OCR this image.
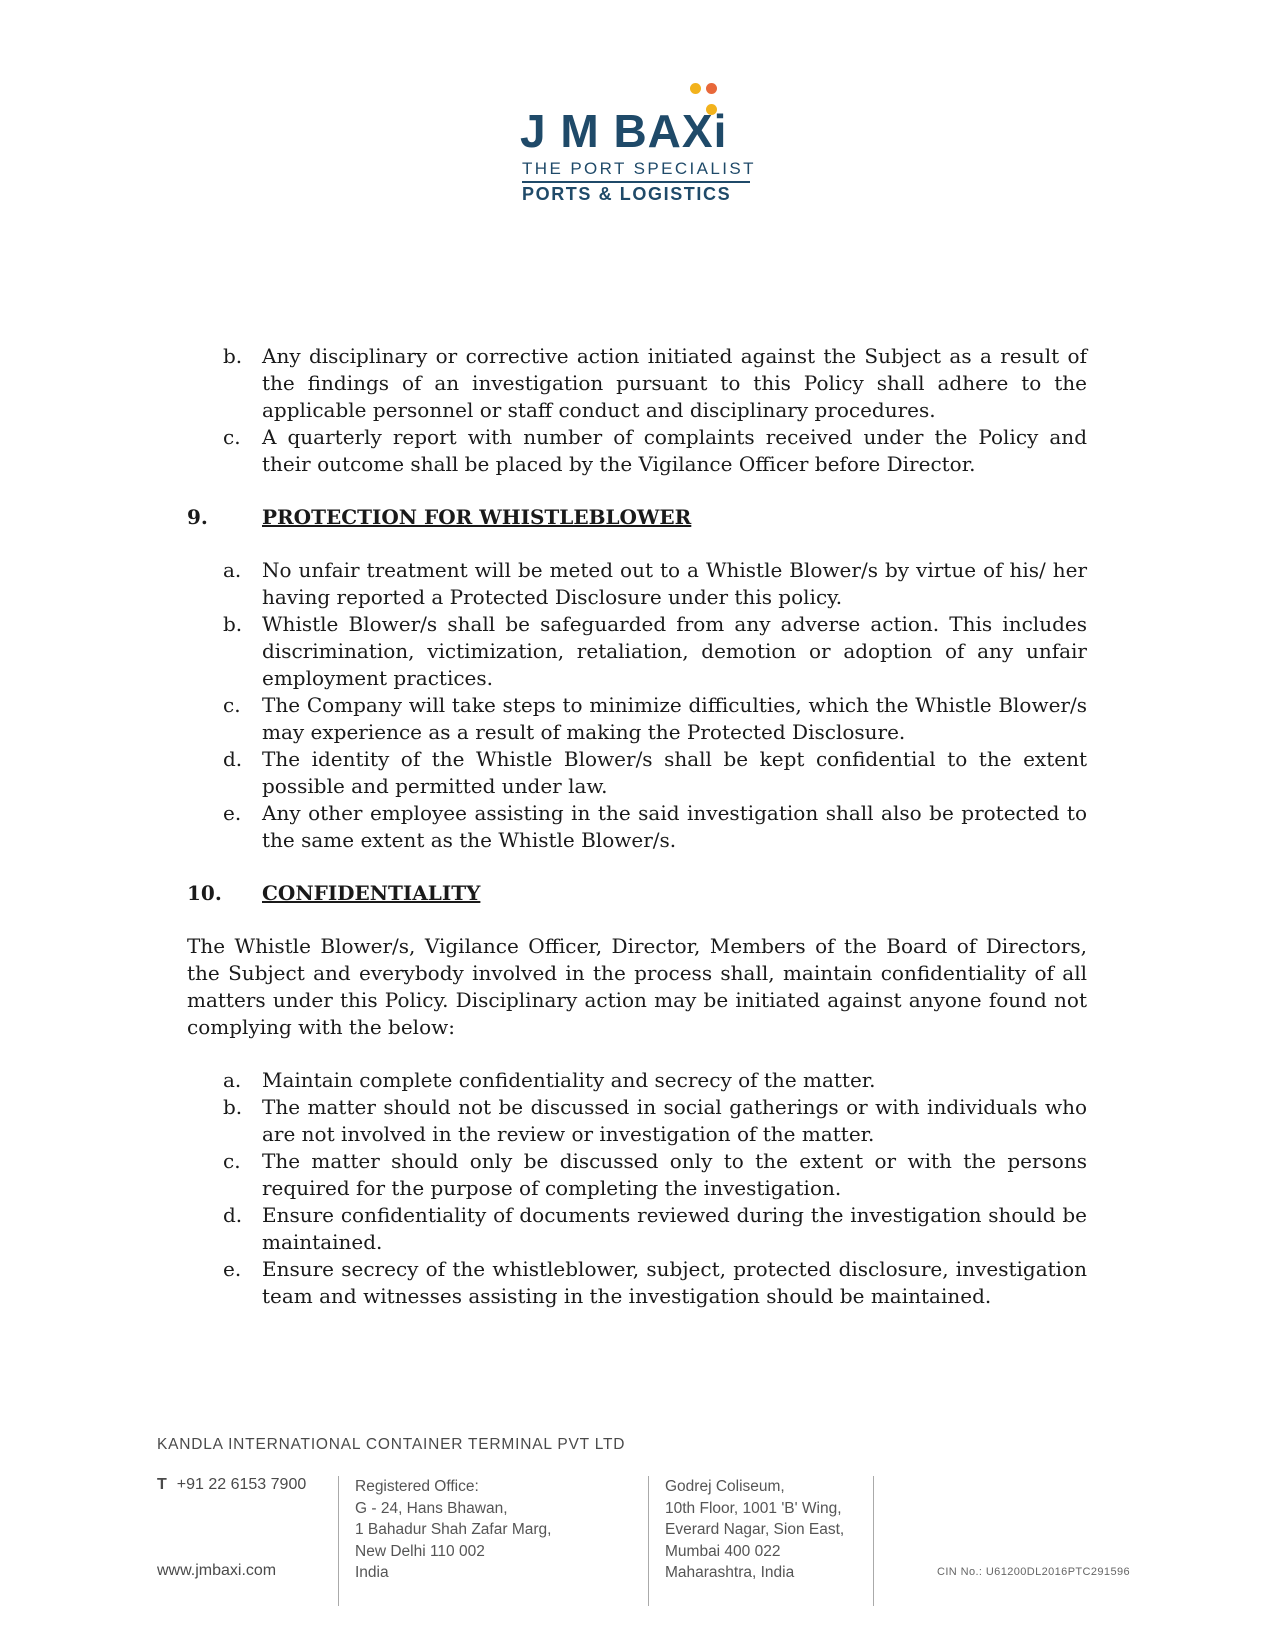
J M BAXi
THE PORT SPECIALIST
PORTS & LOGISTICS
b. Any disciplinary or corrective action initiated against the Subject as a result of the findings of an investigation pursuant to this Policy shall adhere to the applicable personnel or staff conduct and disciplinary procedures.
c. A quarterly report with number of complaints received under the Policy and their outcome shall be placed by the Vigilance Officer before Director.
9.	PROTECTION FOR WHISTLEBLOWER
a. No unfair treatment will be meted out to a Whistle Blower/s by virtue of his/ her having reported a Protected Disclosure under this policy.
b. Whistle Blower/s shall be safeguarded from any adverse action. This includes discrimination, victimization, retaliation, demotion or adoption of any unfair employment practices.
c. The Company will take steps to minimize difficulties, which the Whistle Blower/s may experience as a result of making the Protected Disclosure.
d. The identity of the Whistle Blower/s shall be kept confidential to the extent possible and permitted under law.
e. Any other employee assisting in the said investigation shall also be protected to the same extent as the Whistle Blower/s.
10. CONFIDENTIALITY
The Whistle Blower/s, Vigilance Officer, Director, Members of the Board of Directors, the Subject and everybody involved in the process shall, maintain confidentiality of all matters under this Policy. Disciplinary action may be initiated against anyone found not complying with the below:
a. Maintain complete confidentiality and secrecy of the matter.
b. The matter should not be discussed in social gatherings or with individuals who are not involved in the review or investigation of the matter.
c. The matter should only be discussed only to the extent or with the persons required for the purpose of completing the investigation.
d. Ensure confidentiality of documents reviewed during the investigation should be maintained.
e. Ensure secrecy of the whistleblower, subject, protected disclosure, investigation team and witnesses assisting in the investigation should be maintained.
KANDLA INTERNATIONAL CONTAINER TERMINAL PVT LTD
T +91 22 6153 7900
www.jmbaxi.com
Registered Office:
G - 24, Hans Bhawan,
1 Bahadur Shah Zafar Marg,
New Delhi 110 002
India
Godrej Coliseum,
10th Floor, 1001 'B' Wing,
Everard Nagar, Sion East,
Mumbai 400 022
Maharashtra, India	CIN No.: U61200DL2016PTC291596
